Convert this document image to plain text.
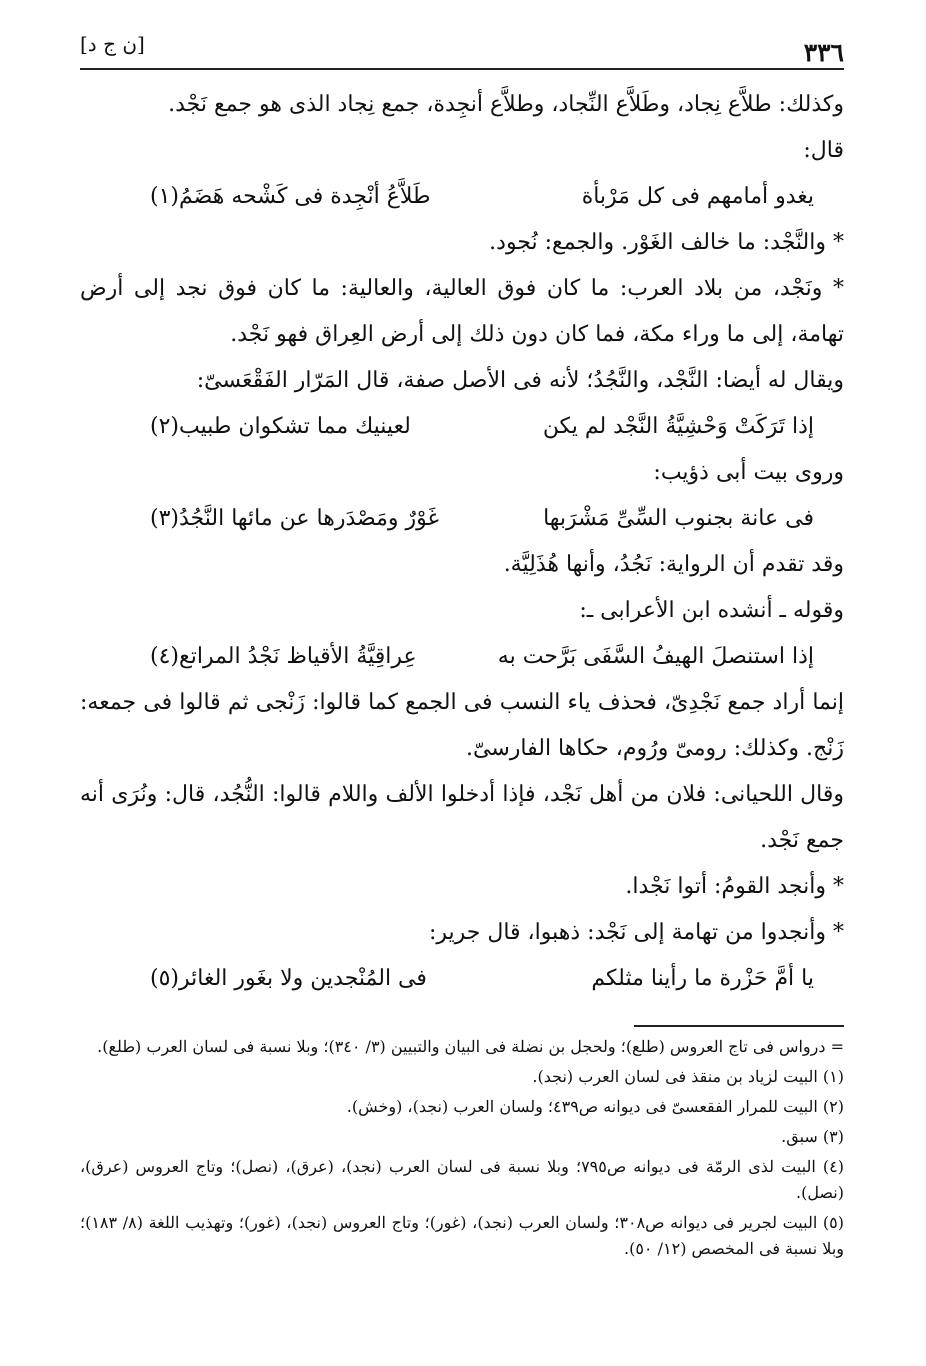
٣٣٦
[ن ج د]

وكذلك: طلاَّع نِجاد، وطَلاَّع النِّجاد، وطلاَّع أنجِدة، جمع نِجاد الذى هو جمع نَجْد.

قال:

يغدو أمامهم فى كل مَرْبأة
طَلاَّعُ أنْجِدة فى كَشْحه هَضَمُ(١)

* والنَّجْد: ما خالف الغَوْر. والجمع: نُجود.

* ونَجْد، من بلاد العرب: ما كان فوق العالية، والعالية: ما كان فوق نجد إلى أرض تهامة، إلى ما وراء مكة، فما كان دون ذلك إلى أرض العِراق فهو نَجْد.

ويقال له أيضا: النَّجْد، والنَّجُدُ؛ لأنه فى الأصل صفة، قال المَرّار الفَقْعَسىّ:

إذا تَرَكَتْ وَحْشِيَّةُ النَّجْد لم يكن
لعينيك مما تشكوان طبيب(٢)

وروى بيت أبى ذؤيب:

فى عانة بجنوب السِّىِّ مَشْرَبها
غَوْرٌ ومَصْدَرها عن مائها النَّجُدُ(٣)

وقد تقدم أن الرواية: نَجُدُ، وأنها هُذَلِيَّة.

وقوله ـ أنشده ابن الأعرابى ـ:

إذا استنصلَ الهيفُ السَّفَى بَرَّحت به
عِراقِيَّةُ الأقياظ نَجْدُ المراتع(٤)

إنما أراد جمع نَجْدِىّ، فحذف ياء النسب فى الجمع كما قالوا: زَنْجى ثم قالوا فى جمعه: زَنْج. وكذلك: رومىّ ورُوم، حكاها الفارسىّ.

وقال اللحيانى: فلان من أهل نَجْد، فإذا أدخلوا الألف واللام قالوا: النُّجُد، قال: ونُرَى أنه جمع نَجْد.

* وأنجد القومُ: أتوا نَجْدا.

* وأنجدوا من تهامة إلى نَجْد: ذهبوا، قال جرير:

يا أمَّ حَزْرة ما رأينا مثلكم
فى المُنْجدين ولا بغَور الغائر(٥)

= درواس فى تاج العروس (طلع)؛ ولحجل بن نضلة فى البيان والتبيين (٣/ ٣٤٠)؛ وبلا نسبة فى لسان العرب (طلع).

(١) البيت لزياد بن منقذ فى لسان العرب (نجد).

(٢) البيت للمرار الفقعسىّ فى ديوانه ص٤٣٩؛ ولسان العرب (نجد)، (وخش).

(٣) سبق.

(٤) البيت لذى الرمّة فى ديوانه ص٧٩٥؛ وبلا نسبة فى لسان العرب (نجد)، (عرق)، (نصل)؛ وتاج العروس (عرق)، (نصل).

(٥) البيت لجرير فى ديوانه ص٣٠٨؛ ولسان العرب (نجد)، (غور)؛ وتاج العروس (نجد)، (غور)؛ وتهذيب اللغة (٨/ ١٨٣)؛ وبلا نسبة فى المخصص (١٢/ ٥٠).
